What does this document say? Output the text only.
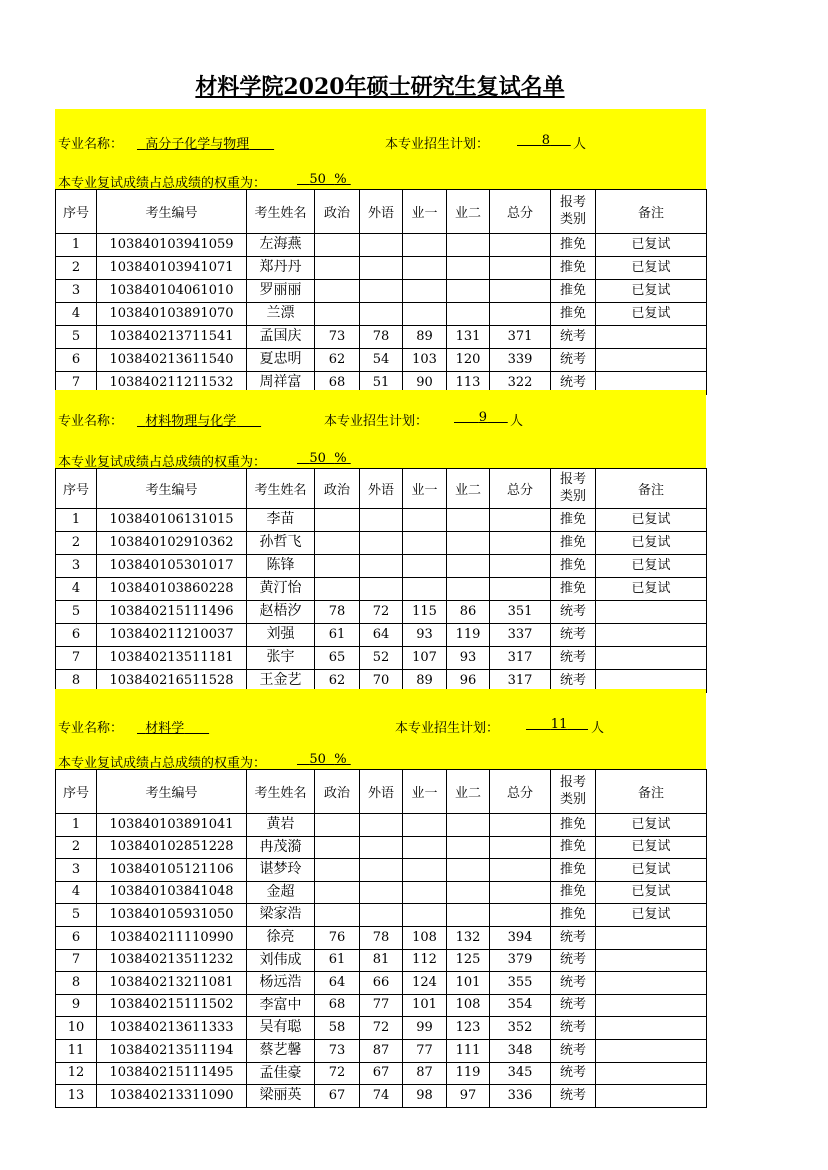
材料学院2020年硕士研究生复试名单
专业名称：	高分子化学与物理	本专业招生计划：	8	人
本专业复试成绩占总成绩的权重为：	50 %
序号	考生编号	考生姓名	政治	外语	业一	业二	总分	报考类别	备注
1	103840103941059	左海燕						推免	已复试
2	103840103941071	郑丹丹						推免	已复试
3	103840104061010	罗丽丽						推免	已复试
4	103840103891070	兰漂						推免	已复试
5	103840213711541	孟国庆	73	78	89	131	371	统考	
6	103840213611540	夏忠明	62	54	103	120	339	统考	
7	103840211211532	周祥富	68	51	90	113	322	统考	
专业名称：	材料物理与化学	本专业招生计划：	9	人
本专业复试成绩占总成绩的权重为：	50 %
序号	考生编号	考生姓名	政治	外语	业一	业二	总分	报考类别	备注
1	103840106131015	李苗						推免	已复试
2	103840102910362	孙哲飞						推免	已复试
3	103840105301017	陈锋						推免	已复试
4	103840103860228	黄汀怡						推免	已复试
5	103840215111496	赵梧汐	78	72	115	86	351	统考	
6	103840211210037	刘强	61	64	93	119	337	统考	
7	103840213511181	张宇	65	52	107	93	317	统考	
8	103840216511528	王金艺	62	70	89	96	317	统考	
专业名称：	材料学	本专业招生计划：	11	人
本专业复试成绩占总成绩的权重为：	50 %
序号	考生编号	考生姓名	政治	外语	业一	业二	总分	报考类别	备注
1	103840103891041	黄岩						推免	已复试
2	103840102851228	冉茂漪						推免	已复试
3	103840105121106	谌梦玲						推免	已复试
4	103840103841048	金超						推免	已复试
5	103840105931050	梁家浩						推免	已复试
6	103840211110990	徐亮	76	78	108	132	394	统考	
7	103840213511232	刘伟成	61	81	112	125	379	统考	
8	103840213211081	杨远浩	64	66	124	101	355	统考	
9	103840215111502	李富中	68	77	101	108	354	统考	
10	103840213611333	吴有聪	58	72	99	123	352	统考	
11	103840213511194	蔡艺馨	73	87	77	111	348	统考	
12	103840215111495	孟佳豪	72	67	87	119	345	统考	
13	103840213311090	梁丽英	67	74	98	97	336	统考	
